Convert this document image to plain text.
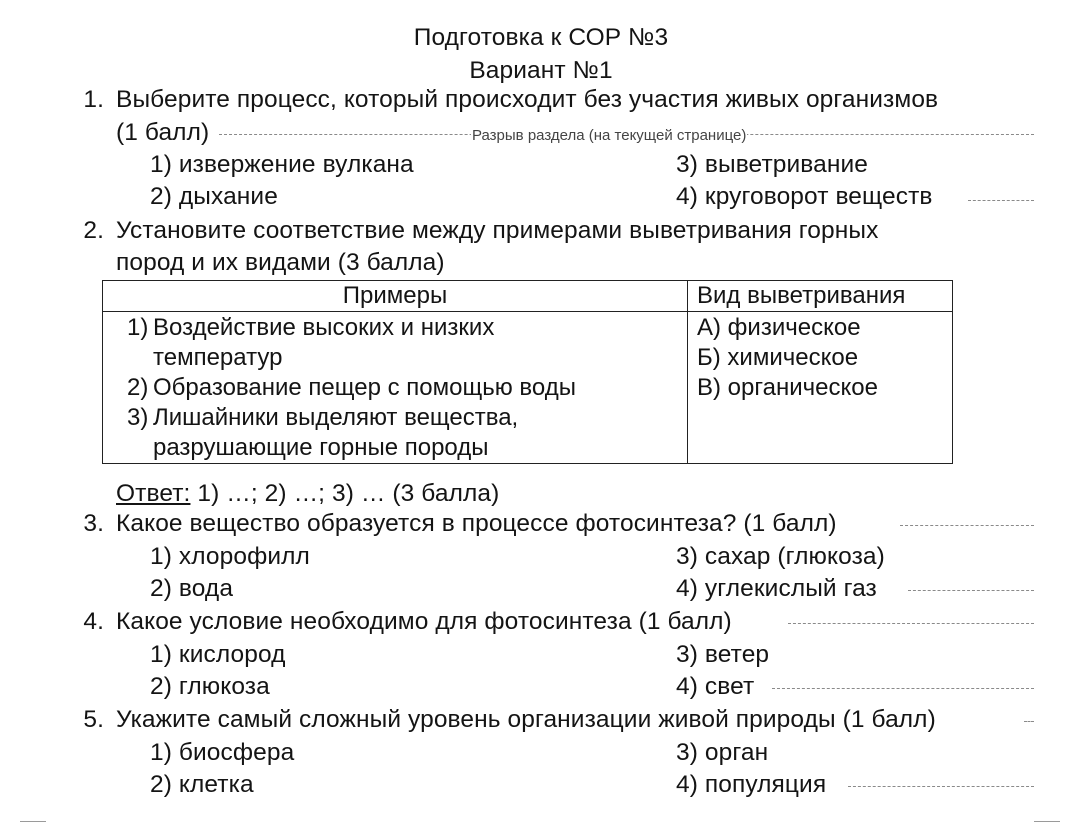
Подготовка к СОР №3
Вариант №1
1. Выберите процесс, который происходит без участия живых организмов
(1 балл)	Разрыв раздела (на текущей странице)
1) извержение вулкана
2) дыхание
3) выветривание
4) круговорот веществ
2. Установите соответствие между примерами выветривания горных
пород и их видами (3 балла)
Примеры	Вид выветривания
1) Воздействие высоких и низких
температур
2) Образование пещер с помощью воды
3) Лишайники выделяют вещества,
разрушающие горные породы
А) физическое
Б) химическое
В) органическое
Ответ: 1) …; 2) …; 3) … (3 балла)
3. Какое вещество образуется в процессе фотосинтеза? (1 балл)
1) хлорофилл
2) вода
3) сахар (глюкоза)
4) углекислый газ
4. Какое условие необходимо для фотосинтеза (1 балл)
1) кислород
2) глюкоза
3) ветер
4) свет
5. Укажите самый сложный уровень организации живой природы (1 балл)
1) биосфера
2) клетка
3) орган
4) популяция
